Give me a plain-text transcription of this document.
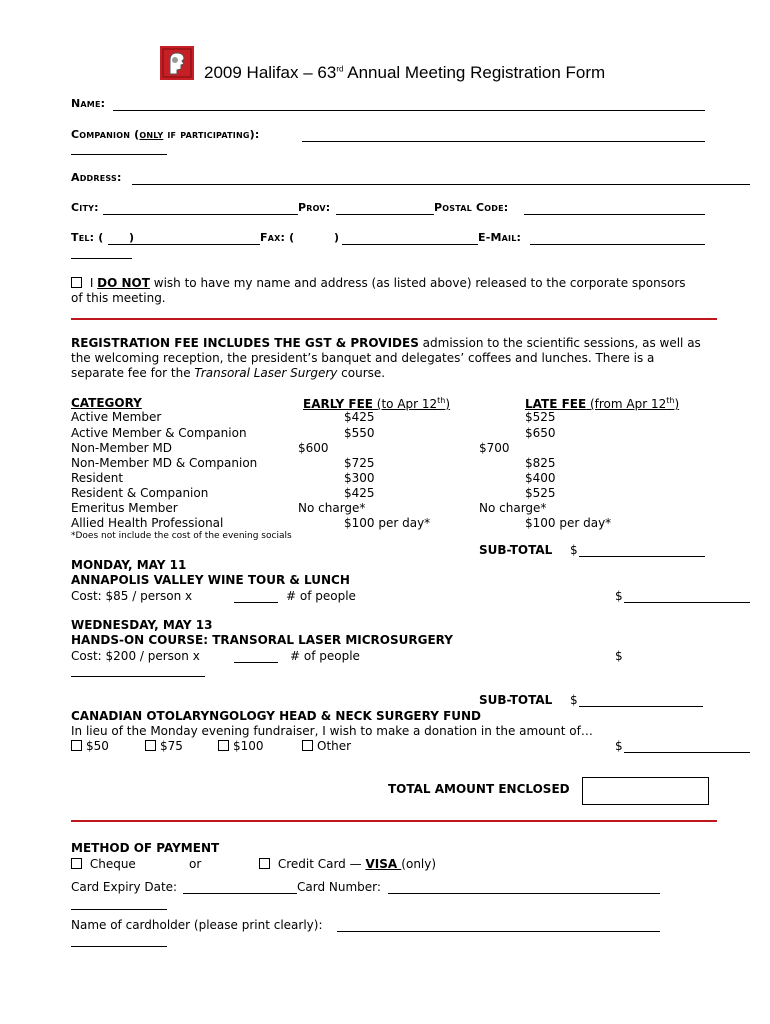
2009 Halifax – 63rd Annual Meeting Registration Form
Name:
Companion (only if participating):
Address:
City:	Prov:	Postal Code:
Tel: ( )	Fax: (	)	E-Mail:
I DO NOT wish to have my name and address (as listed above) released to the corporate sponsors
of this meeting.
REGISTRATION FEE INCLUDES THE GST & PROVIDES admission to the scientific sessions, as well as
the welcoming reception, the president’s banquet and delegates’ coffees and lunches. There is a
separate fee for the Transoral Laser Surgery course.
CATEGORY	EARLY FEE (to Apr 12th)	LATE FEE (from Apr 12th)
Active Member	$425	$525
Active Member & Companion	$550	$650
Non-Member MD	$600	$700
Non-Member MD & Companion	$725	$825
Resident	$300	$400
Resident & Companion	$425	$525
Emeritus Member	No charge*	No charge*
Allied Health Professional	$100 per day*	$100 per day*
*Does not include the cost of the evening socials
SUB-TOTAL $
MONDAY, MAY 11
ANNAPOLIS VALLEY WINE TOUR & LUNCH
Cost: $85 / person x	# of people	$
WEDNESDAY, MAY 13
HANDS-ON COURSE: TRANSORAL LASER MICROSURGERY
Cost: $200 / person x	# of people	$
SUB-TOTAL $
CANADIAN OTOLARYNGOLOGY HEAD & NECK SURGERY FUND
In lieu of the Monday evening fundraiser, I wish to make a donation in the amount of…
$50	$75	$100	Other	$
TOTAL AMOUNT ENCLOSED
METHOD OF PAYMENT
Cheque	or	Credit Card — VISA (only)
Card Expiry Date:	Card Number:
Name of cardholder (please print clearly):
